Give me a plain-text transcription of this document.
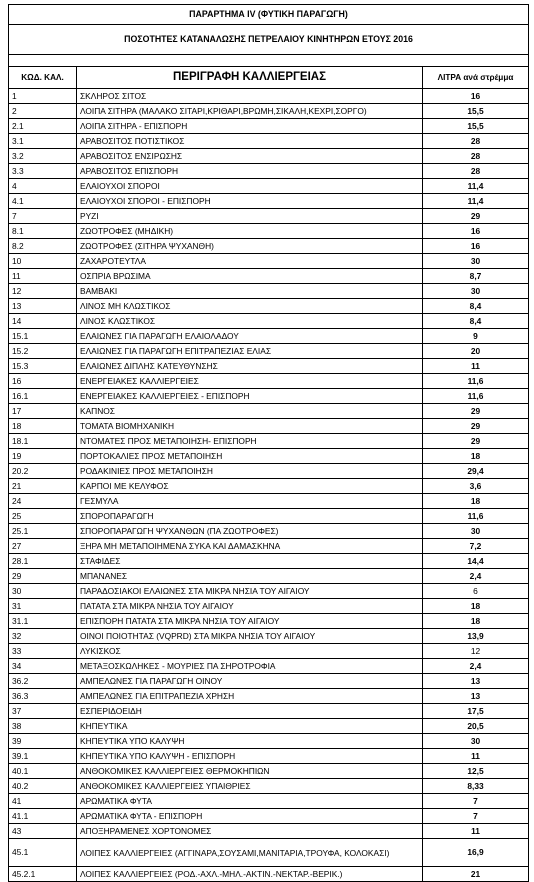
ΠΑΡΑΡΤΗΜΑ IV (ΦΥΤΙΚΗ ΠΑΡΑΓΩΓΗ)		
ΠΟΣΟΤΗΤΕΣ ΚΑΤΑΝΑΛΩΣΗΣ ΠΕΤΡΕΛΑΙΟΥ ΚΙΝΗΤΗΡΩΝ ΕΤΟΥΣ 2016		

ΚΩΔ. ΚΑΛ.	ΠΕΡΙΓΡΑΦΗ ΚΑΛΛΙΕΡΓΕΙΑΣ	ΛΙΤΡΑ ανά στρέμμα
1	ΣΚΛΗΡΟΣ ΣΙΤΟΣ	16
2	ΛΟΙΠΑ ΣΙΤΗΡΑ (ΜΑΛΑΚΟ ΣΙΤΑΡΙ,ΚΡΙΘΑΡΙ,ΒΡΩΜΗ,ΣΙΚΑΛΗ,ΚΕΧΡΙ,ΣΟΡΓΟ)	15,5
2.1	ΛΟΙΠΑ ΣΙΤΗΡΑ - ΕΠΙΣΠΟΡΗ	15,5
3.1	ΑΡΑΒΟΣΙΤΟΣ ΠΟΤΙΣΤΙΚΟΣ	28
3.2	ΑΡΑΒΟΣΙΤΟΣ ΕΝΣΙΡΩΣΗΣ	28
3.3	ΑΡΑΒΟΣΙΤΟΣ ΕΠΙΣΠΟΡΗ	28
4	ΕΛΑΙΟΥΧΟΙ ΣΠΟΡΟΙ	11,4
4.1	ΕΛΑΙΟΥΧΟΙ ΣΠΟΡΟΙ - ΕΠΙΣΠΟΡΗ	11,4
7	ΡΥΖΙ	29
8.1	ΖΩΟΤΡΟΦΕΣ (ΜΗΔΙΚΗ)	16
8.2	ΖΩΟΤΡΟΦΕΣ (ΣΙΤΗΡΑ ΨΥΧΑΝΘΗ)	16
10	ΖΑΧΑΡΟΤΕΥΤΛΑ	30
11	ΟΣΠΡΙΑ ΒΡΩΣΙΜΑ	8,7
12	ΒΑΜΒΑΚΙ	30
13	ΛΙΝΟΣ ΜΗ ΚΛΩΣΤΙΚΟΣ	8,4
14	ΛΙΝΟΣ ΚΛΩΣΤΙΚΟΣ	8,4
15.1	ΕΛΑΙΩΝΕΣ ΓΙΑ ΠΑΡΑΓΩΓΗ ΕΛΑΙΟΛΑΔΟΥ	9
15.2	ΕΛΑΙΩΝΕΣ ΓΙΑ ΠΑΡΑΓΩΓΗ ΕΠΙΤΡΑΠΕΖΙΑΣ ΕΛΙΑΣ	20
15.3	ΕΛΑΙΩΝΕΣ ΔΙΠΛΗΣ ΚΑΤΕΥΘΥΝΣΗΣ	11
16	ΕΝΕΡΓΕΙΑΚΕΣ ΚΑΛΛΙΕΡΓΕΙΕΣ	11,6
16.1	ΕΝΕΡΓΕΙΑΚΕΣ ΚΑΛΛΙΕΡΓΕΙΕΣ - ΕΠΙΣΠΟΡΗ	11,6
17	ΚΑΠΝΟΣ	29
18	ΤΟΜΑΤΑ ΒΙΟΜΗΧΑΝΙΚΗ	29
18.1	ΝΤΟΜΑΤΕΣ ΠΡΟΣ ΜΕΤΑΠΟΙΗΣΗ- ΕΠΙΣΠΟΡΗ	29
19	ΠΟΡΤΟΚΑΛΙΕΣ ΠΡΟΣ ΜΕΤΑΠΟΙΗΣΗ	18
20.2	ΡΟΔΑΚΙΝΙΕΣ ΠΡΟΣ ΜΕΤΑΠΟΙΗΣΗ	29,4
21	ΚΑΡΠΟΙ ΜΕ ΚΕΛΥΦΟΣ	3,6
24	ΓΕΣΜΥΛΑ	18
25	ΣΠΟΡΟΠΑΡΑΓΩΓΗ	11,6
25.1	ΣΠΟΡΟΠΑΡΑΓΩΓΗ ΨΥΧΑΝΘΩΝ (ΠΑ ΖΩΟΤΡΟΦΕΣ)	30
27	ΞΗΡΑ ΜΗ ΜΕΤΑΠΟΙΗΜΕΝΑ ΣΥΚΑ ΚΑΙ ΔΑΜΑΣΚΗΝΑ	7,2
28.1	ΣΤΑΦΙΔΕΣ	14,4
29	ΜΠΑΝΑΝΕΣ	2,4
30	ΠΑΡΑΔΟΣΙΑΚΟΙ ΕΛΑΙΩΝΕΣ ΣΤΑ ΜΙΚΡΑ ΝΗΣΙΑ ΤΟΥ ΑΙΓΑΙΟΥ	6
31	ΠΑΤΑΤΑ ΣΤΑ ΜΙΚΡΑ ΝΗΣΙΑ ΤΟΥ ΑΙΓΑΙΟΥ	18
31.1	ΕΠΙΣΠΟΡΗ ΠΑΤΑΤΑ ΣΤΑ ΜΙΚΡΑ ΝΗΣΙΑ ΤΟΥ ΑΙΓΑΙΟΥ	18
32	ΟΙΝΟΙ ΠΟΙΟΤΗΤΑΣ (VQPRD) ΣΤΑ ΜΙΚΡΑ ΝΗΣΙΑ ΤΟΥ ΑΙΓΑΙΟΥ	13,9
33	ΛΥΚΙΣΚΟΣ	12
34	ΜΕΤΑΞΟΣΚΩΛΗΚΕΣ - ΜΟΥΡΙΕΣ ΠΑ ΣΗΡΟΤΡΟΦΙΑ	2,4
36.2	ΑΜΠΕΛΩΝΕΣ ΓΙΑ ΠΑΡΑΓΩΓΗ ΟΙΝΟΥ	13
36.3	ΑΜΠΕΛΩΝΕΣ ΓΙΑ ΕΠΙΤΡΑΠΕΖΙΑ ΧΡΗΣΗ	13
37	ΕΣΠΕΡΙΔΟΕΙΔΗ	17,5
38	ΚΗΠΕΥΤΙΚΑ	20,5
39	ΚΗΠΕΥΤΙΚΑ ΥΠΟ ΚΑΛΥΨΗ	30
39.1	ΚΗΠΕΥΤΙΚΑ ΥΠΟ ΚΑΛΥΨΗ - ΕΠΙΣΠΟΡΗ	11
40.1	ΑΝΘΟΚΟΜΙΚΕΣ ΚΑΛΛΙΕΡΓΕΙΕΣ ΘΕΡΜΟΚΗΠΙΩΝ	12,5
40.2	ΑΝΘΟΚΟΜΙΚΕΣ ΚΑΛΛΙΕΡΓΕΙΕΣ ΥΠΑΙΘΡΙΕΣ	8,33
41	ΑΡΩΜΑΤΙΚΑ ΦΥΤΑ	7
41.1	ΑΡΩΜΑΤΙΚΑ ΦΥΤΑ - ΕΠΙΣΠΟΡΗ	7
43	ΑΠΟΞΗΡΑΜΕΝΕΣ ΧΟΡΤΟΝΟΜΕΣ	11
45.1	ΛΟΙΠΕΣ ΚΑΛΛΙΕΡΓΕΙΕΣ (ΑΓΓΙΝΑΡΑ,ΣΟΥΣΑΜΙ,ΜΑΝΙΤΑΡΙΑ,ΤΡΟΥΦΑ, ΚΟΛΟΚΑΣΙ)	16,9
45.2.1	ΛΟΙΠΕΣ ΚΑΛΛΙΕΡΓΕΙΕΣ (ΡΟΔ.-ΑΧΛ.-ΜΗΛ.-ΑΚΤΙΝ.-ΝΕΚΤΑΡ.-ΒΕΡΙΚ.)	21
